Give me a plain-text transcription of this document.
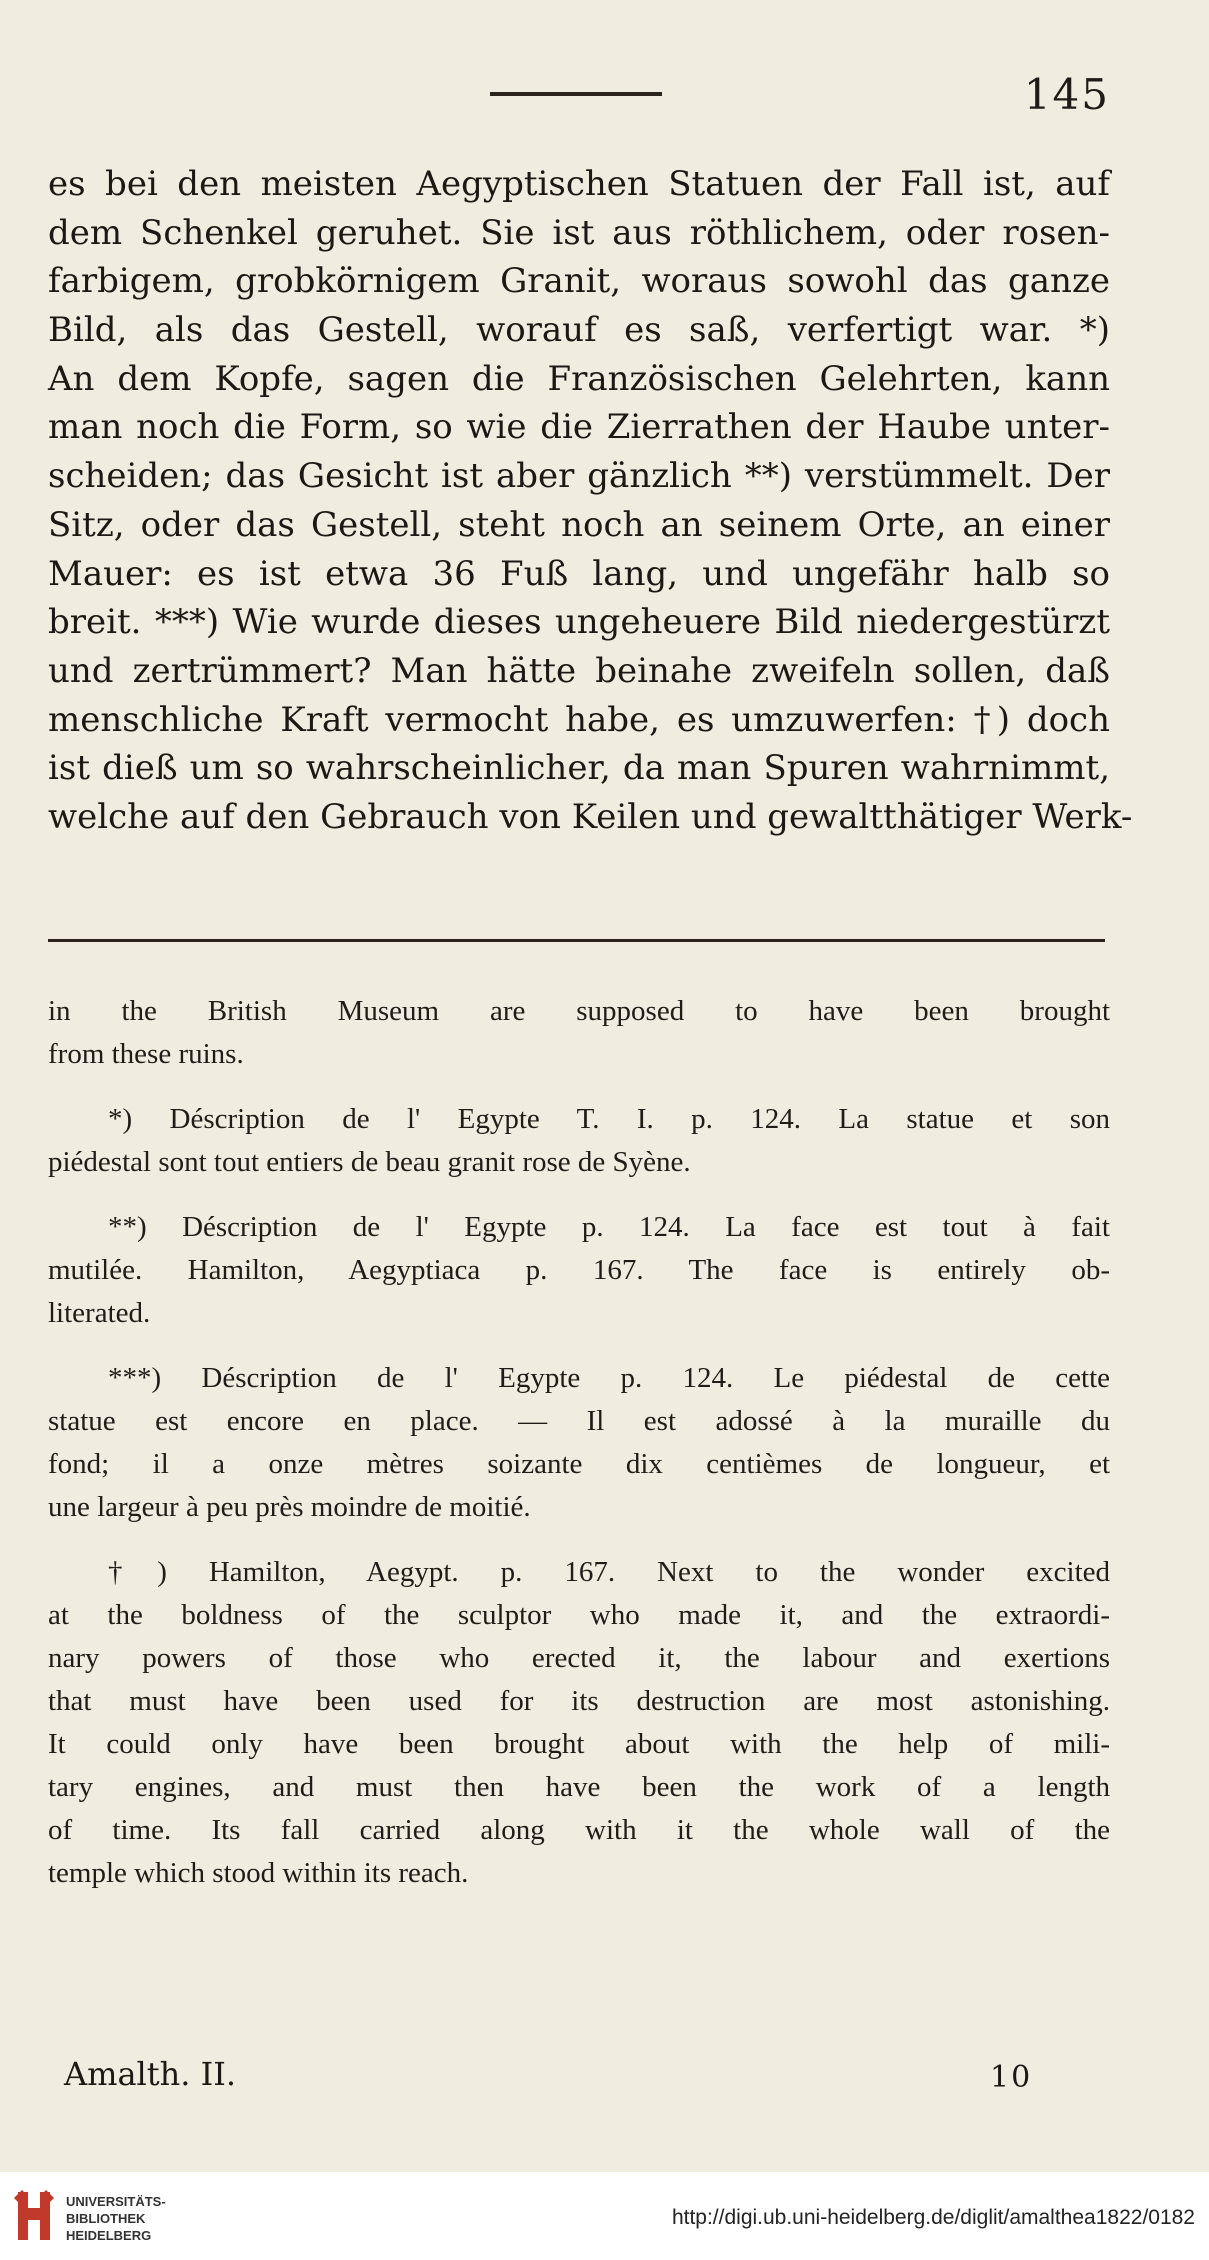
145
es bei den meisten Aegyptischen Statuen der Fall ist, auf
dem Schenkel geruhet. Sie ist aus röthlichem, oder rosen-
farbigem, grobkörnigem Granit, woraus sowohl das ganze
Bild, als das Gestell, worauf es saß, verfertigt war. *)
An dem Kopfe, sagen die Französischen Gelehrten, kann
man noch die Form, so wie die Zierrathen der Haube unter-
scheiden; das Gesicht ist aber gänzlich **) verstümmelt. Der
Sitz, oder das Gestell, steht noch an seinem Orte, an einer
Mauer: es ist etwa 36 Fuß lang, und ungefähr halb so
breit. ***) Wie wurde dieses ungeheuere Bild niedergestürzt
und zertrümmert? Man hätte beinahe zweifeln sollen, daß
menschliche Kraft vermocht habe, es umzuwerfen: †) doch
ist dieß um so wahrscheinlicher, da man Spuren wahrnimmt,
welche auf den Gebrauch von Keilen und gewaltthätiger Werk-
in the British Museum are supposed to have been brought
from these ruins.
*) Déscription de l' Egypte T. I. p. 124. La statue et son
piédestal sont tout entiers de beau granit rose de Syène.
**) Déscription de l' Egypte p. 124. La face est tout à fait
mutilée. Hamilton, Aegyptiaca p. 167. The face is entirely ob-
literated.
***) Déscription de l' Egypte p. 124. Le piédestal de cette
statue est encore en place. — Il est adossé à la muraille du
fond; il a onze mètres soizante dix centièmes de longueur, et
une largeur à peu près moindre de moitié.
†) Hamilton, Aegypt. p. 167. Next to the wonder excited
at the boldness of the sculptor who made it, and the extraordi-
nary powers of those who erected it, the labour and exertions
that must have been used for its destruction are most astonishing.
It could only have been brought about with the help of mili-
tary engines, and must then have been the work of a length
of time. Its fall carried along with it the whole wall of the
temple which stood within its reach.
Amalth. II.	10
UNIVERSITÄTS-
BIBLIOTHEK
HEIDELBERG
http://digi.ub.uni-heidelberg.de/diglit/amalthea1822/0182
